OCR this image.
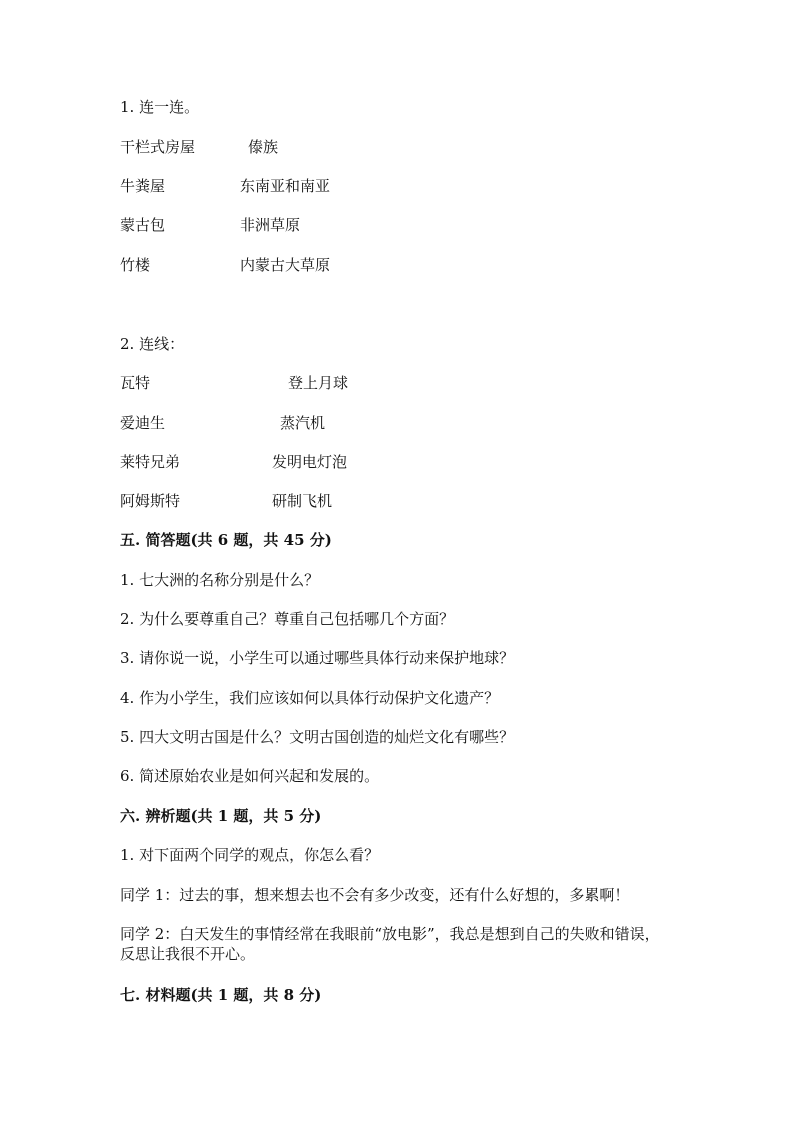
1. 连一连。
干栏式房屋	傣族
牛粪屋	东南亚和南亚
蒙古包	非洲草原
竹楼	内蒙古大草原
2. 连线：
瓦特	登上月球
爱迪生	蒸汽机
莱特兄弟	发明电灯泡
阿姆斯特	研制飞机
五. 简答题(共 6 题，共 45 分)
1. 七大洲的名称分别是什么？
2. 为什么要尊重自己？尊重自己包括哪几个方面？
3. 请你说一说，小学生可以通过哪些具体行动来保护地球？
4. 作为小学生，我们应该如何以具体行动保护文化遗产？
5. 四大文明古国是什么？文明古国创造的灿烂文化有哪些？
6. 简述原始农业是如何兴起和发展的。
六. 辨析题(共 1 题，共 5 分)
1. 对下面两个同学的观点，你怎么看？
同学 1：过去的事，想来想去也不会有多少改变，还有什么好想的，多累啊！
同学 2：白天发生的事情经常在我眼前“放电影”，我总是想到自己的失败和错误，反思让我很不开心。
七. 材料题(共 1 题，共 8 分)
